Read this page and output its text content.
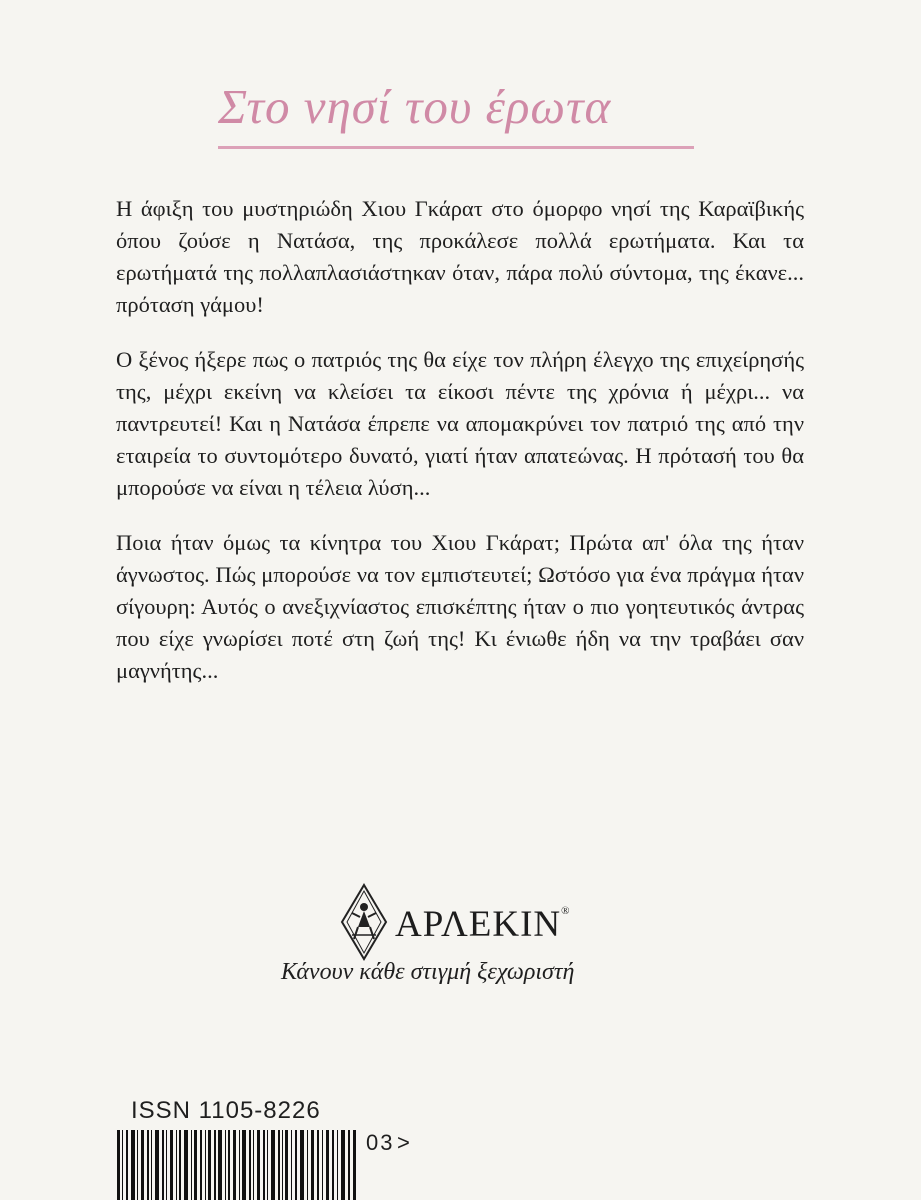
Στο νησί του έρωτα

Η άφιξη του μυστηριώδη Χιου Γκάρατ στο όμορφο νησί της Καραϊβικής όπου ζούσε η Νατάσα, της προκάλεσε πολλά ερωτήματα. Και τα ερωτήματά της πολλαπλασιάστηκαν όταν, πάρα πολύ σύντομα, της έκανε... πρόταση γάμου!

Ο ξένος ήξερε πως ο πατριός της θα είχε τον πλήρη έλεγχο της επιχείρησής της, μέχρι εκείνη να κλείσει τα είκοσι πέντε της χρόνια ή μέχρι... να παντρευτεί! Και η Νατάσα έπρεπε να απομακρύνει τον πατριό της από την εταιρεία το συντομότερο δυνατό, γιατί ήταν απατεώνας. Η πρότασή του θα μπορούσε να είναι η τέλεια λύση...

Ποια ήταν όμως τα κίνητρα του Χιου Γκάρατ; Πρώτα απ' όλα της ήταν άγνωστος. Πώς μπορούσε να τον εμπιστευτεί; Ωστόσο για ένα πράγμα ήταν σίγουρη: Αυτός ο ανεξιχνίαστος επισκέπτης ήταν ο πιο γοητευτικός άντρας που είχε γνωρίσει ποτέ στη ζωή της! Κι ένιωθε ήδη να την τραβάει σαν μαγνήτης...

ΑΡΛΕΚΙΝ®
Κάνουν κάθε στιγμή ξεχωριστή
ISSN 1105-8226
03 >
